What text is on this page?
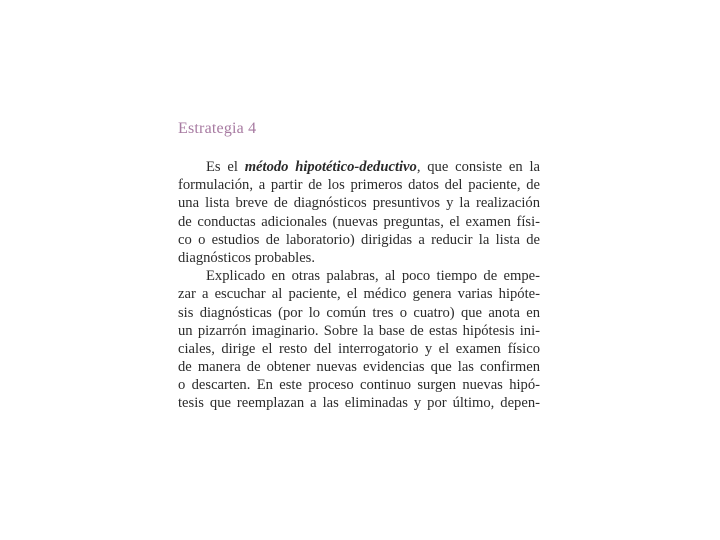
Estrategia 4
Es el método hipotético-deductivo, que consiste en la
formulación, a partir de los primeros datos del paciente, de
una lista breve de diagnósticos presuntivos y la realización
de conductas adicionales (nuevas preguntas, el examen físi-
co o estudios de laboratorio) dirigidas a reducir la lista de
diagnósticos probables.
Explicado en otras palabras, al poco tiempo de empe-
zar a escuchar al paciente, el médico genera varias hipóte-
sis diagnósticas (por lo común tres o cuatro) que anota en
un pizarrón imaginario. Sobre la base de estas hipótesis ini-
ciales, dirige el resto del interrogatorio y el examen físico
de manera de obtener nuevas evidencias que las confirmen
o descarten. En este proceso continuo surgen nuevas hipó-
tesis que reemplazan a las eliminadas y por último, depen-
